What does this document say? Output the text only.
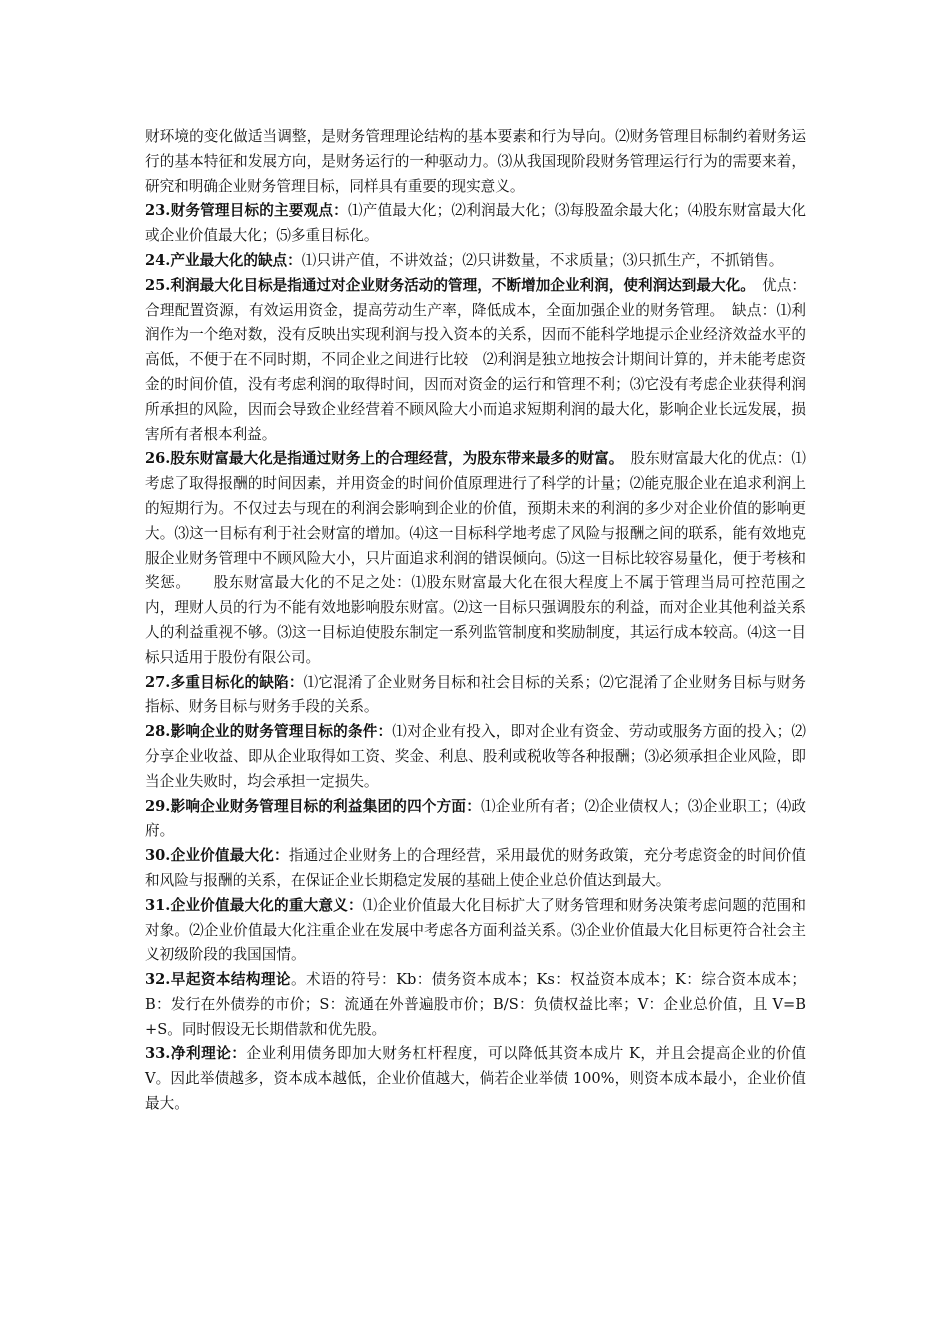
财环境的变化做适当调整，是财务管理理论结构的基本要素和行为导向。⑵财务管理目标制约着财务运行的基本特征和发展方向，是财务运行的一种驱动力。⑶从我国现阶段财务管理运行行为的需要来着，研究和明确企业财务管理目标，同样具有重要的现实意义。

23.财务管理目标的主要观点：⑴产值最大化；⑵利润最大化；⑶每股盈余最大化；⑷股东财富最大化或企业价值最大化；⑸多重目标化。

24.产业最大化的缺点：⑴只讲产值，不讲效益；⑵只讲数量，不求质量；⑶只抓生产，不抓销售。

25.利润最大化目标是指通过对企业财务活动的管理，不断增加企业利润，使利润达到最大化。　优点：合理配置资源，有效运用资金，提高劳动生产率，降低成本，全面加强企业的财务管理。　缺点：⑴利润作为一个绝对数，没有反映出实现利润与投入资本的关系，因而不能科学地提示企业经济效益水平的高低，不便于在不同时期，不同企业之间进行比较　⑵利润是独立地按会计期间计算的，并未能考虑资金的时间价值，没有考虑利润的取得时间，因而对资金的运行和管理不利；⑶它没有考虑企业获得利润所承担的风险，因而会导致企业经营着不顾风险大小而追求短期利润的最大化，影响企业长远发展，损害所有者根本利益。

26.股东财富最大化是指通过财务上的合理经营，为股东带来最多的财富。　股东财富最大化的优点：⑴考虑了取得报酬的时间因素，并用资金的时间价值原理进行了科学的计量；⑵能克服企业在追求利润上的短期行为。不仅过去与现在的利润会影响到企业的价值，预期未来的利润的多少对企业价值的影响更大。⑶这一目标有利于社会财富的增加。⑷这一目标科学地考虑了风险与报酬之间的联系，能有效地克服企业财务管理中不顾风险大小，只片面追求利润的错误倾向。⑸这一目标比较容易量化，便于考核和奖惩。　　股东财富最大化的不足之处：⑴股东财富最大化在很大程度上不属于管理当局可控范围之内，理财人员的行为不能有效地影响股东财富。⑵这一目标只强调股东的利益，而对企业其他利益关系人的利益重视不够。⑶这一目标迫使股东制定一系列监管制度和奖励制度，其运行成本较高。⑷这一目标只适用于股份有限公司。

27.多重目标化的缺陷：⑴它混淆了企业财务目标和社会目标的关系；⑵它混淆了企业财务目标与财务指标、财务目标与财务手段的关系。

28.影响企业的财务管理目标的条件：⑴对企业有投入，即对企业有资金、劳动或服务方面的投入；⑵分享企业收益、即从企业取得如工资、奖金、利息、股利或税收等各种报酬；⑶必须承担企业风险，即当企业失败时，均会承担一定损失。

29.影响企业财务管理目标的利益集团的四个方面：⑴企业所有者；⑵企业债权人；⑶企业职工；⑷政府。

30.企业价值最大化：指通过企业财务上的合理经营，采用最优的财务政策，充分考虑资金的时间价值和风险与报酬的关系，在保证企业长期稳定发展的基础上使企业总价值达到最大。

31.企业价值最大化的重大意义：⑴企业价值最大化目标扩大了财务管理和财务决策考虑问题的范围和对象。⑵企业价值最大化注重企业在发展中考虑各方面利益关系。⑶企业价值最大化目标更符合社会主义初级阶段的我国国情。

32.早起资本结构理论。术语的符号：Kb：债务资本成本；Ks：权益资本成本；K：综合资本成本；B：发行在外债券的市价；S：流通在外普遍股市价；B/S：负债权益比率；V：企业总价值，且 V=B+S。同时假设无长期借款和优先股。

33.净利理论：企业利用债务即加大财务杠杆程度，可以降低其资本成片 K，并且会提高企业的价值 V。因此举债越多，资本成本越低，企业价值越大，倘若企业举债 100%，则资本成本最小，企业价值最大。
